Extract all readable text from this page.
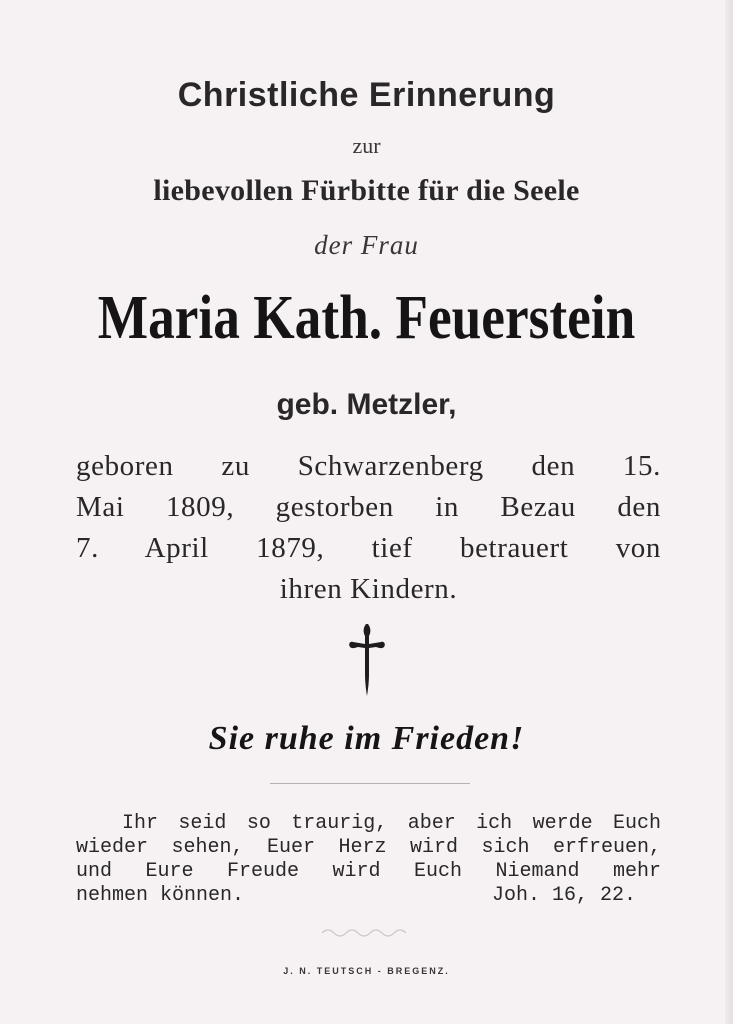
Christliche Erinnerung
zur
liebevollen Fürbitte für die Seele
der Frau
Maria Kath. Feuerstein
geb. Metzler,
geboren zu Schwarzenberg den 15.
Mai 1809, gestorben in Bezau den
7. April 1879, tief betrauert von
ihren Kindern.
Sie ruhe im Frieden!
Ihr seid so traurig, aber ich werde Euch
wieder sehen, Euer Herz wird sich erfreuen,
und Eure Freude wird Euch Niemand mehr
nehmen können.	Joh. 16, 22.
J. N. TEUTSCH - BREGENZ.
